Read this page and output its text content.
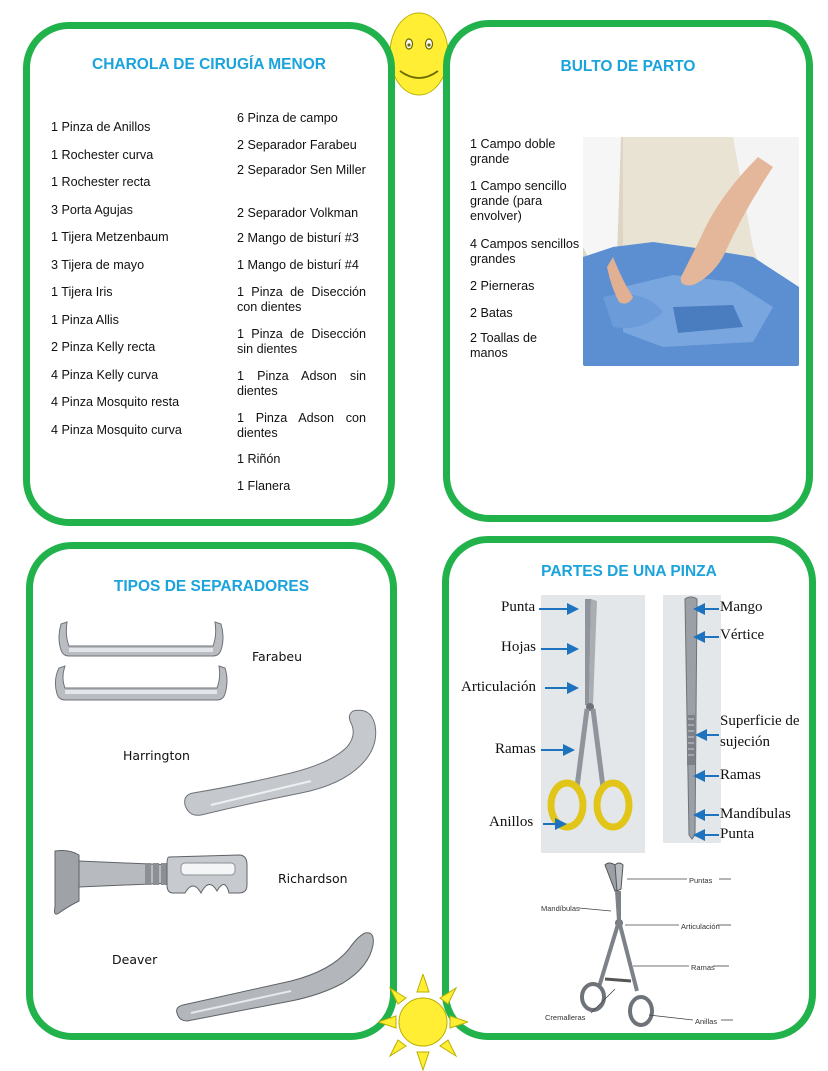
CHAROLA DE CIRUGÍA MENOR
1 Pinza de Anillos
1 Rochester curva
1 Rochester recta
3 Porta Agujas
1 Tijera Metzenbaum
3 Tijera de mayo
1 Tijera Iris
1 Pinza Allis
2 Pinza Kelly recta
4 Pinza Kelly curva
4 Pinza Mosquito resta
4 Pinza Mosquito curva
6 Pinza de campo
2 Separador Farabeu
2 Separador Sen Miller
2 Separador Volkman
2 Mango de bisturí #3
1 Mango de bisturí #4
1 Pinza de Disección con dientes
1 Pinza de Disección sin dientes
1 Pinza Adson sin dientes
1 Pinza Adson con dientes
1 Riñón
1 Flanera
BULTO DE PARTO
1 Campo doble grande
1 Campo sencillo grande (para envolver)
4 Campos sencillos grandes
2 Pierneras
2 Batas
2 Toallas de manos
TIPOS DE SEPARADORES
Farabeu
Harrington
Richardson
Deaver
PARTES DE UNA PINZA
Punta
Hojas
Articulación
Ramas
Anillos
Mango
Vértice
Superficie de
sujeción
Ramas
Mandíbulas
Punta
Puntas
Mandíbulas
Articulación
Ramas
Cremalleras	Anillas
